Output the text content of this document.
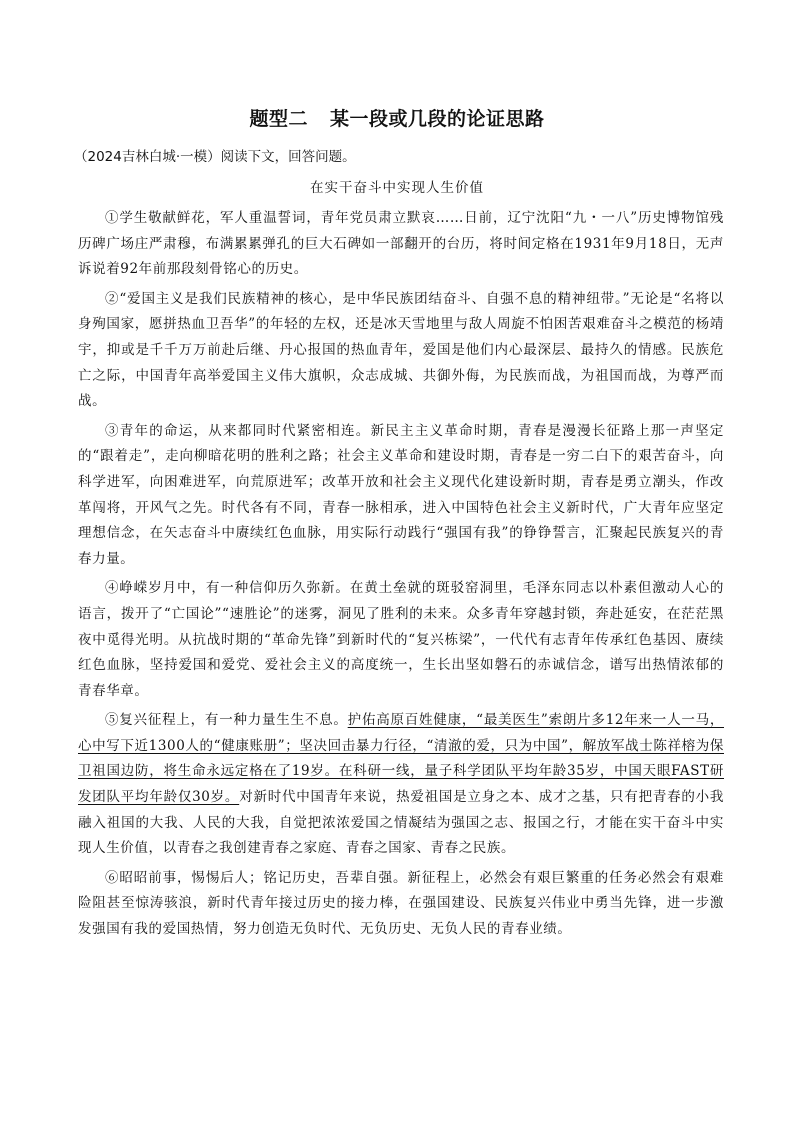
题型二 某一段或几段的论证思路
（2024吉林白城·一模）阅读下文，回答问题。
在实干奋斗中实现人生价值

①学生敬献鲜花，军人重温誓词，青年党员肃立默哀……日前，辽宁沈阳“九・一八”历史博物馆残历碑广场庄严肃穆，布满累累弹孔的巨大石碑如一部翻开的台历，将时间定格在1931年9月18日，无声诉说着92年前那段刻骨铭心的历史。

②“爱国主义是我们民族精神的核心，是中华民族团结奋斗、自强不息的精神纽带。”无论是“名将以身殉国家，愿拼热血卫吾华”的年轻的左权，还是冰天雪地里与敌人周旋不怕困苦艰难奋斗之模范的杨靖宇，抑或是千千万万前赴后继、丹心报国的热血青年，爱国是他们内心最深层、最持久的情感。民族危亡之际，中国青年高举爱国主义伟大旗帜，众志成城、共御外侮，为民族而战，为祖国而战，为尊严而战。

③青年的命运，从来都同时代紧密相连。新民主主义革命时期，青春是漫漫长征路上那一声坚定的“跟着走”，走向柳暗花明的胜利之路；社会主义革命和建设时期，青春是一穷二白下的艰苦奋斗，向科学进军，向困难进军，向荒原进军；改革开放和社会主义现代化建设新时期，青春是勇立潮头，作改革闯将，开风气之先。时代各有不同，青春一脉相承，进入中国特色社会主义新时代，广大青年应坚定理想信念，在矢志奋斗中赓续红色血脉，用实际行动践行“强国有我”的铮铮誓言，汇聚起民族复兴的青春力量。

④峥嵘岁月中，有一种信仰历久弥新。在黄土垒就的斑驳窑洞里，毛泽东同志以朴素但激动人心的语言，拨开了“亡国论”“速胜论”的迷雾，洞见了胜利的未来。众多青年穿越封锁，奔赴延安，在茫茫黑夜中觅得光明。从抗战时期的“革命先锋”到新时代的“复兴栋梁”，一代代有志青年传承红色基因、赓续红色血脉，坚持爱国和爱党、爱社会主义的高度统一，生长出坚如磐石的赤诚信念，谱写出热情浓郁的青春华章。

⑤复兴征程上，有一种力量生生不息。护佑高原百姓健康，“最美医生”索朗片多12年来一人一马，心中写下近1300人的“健康账册”；坚决回击暴力行径，“清澈的爱，只为中国”，解放军战士陈祥榕为保卫祖国边防，将生命永远定格在了19岁。在科研一线，量子科学团队平均年龄35岁，中国天眼FAST研发团队平均年龄仅30岁。对新时代中国青年来说，热爱祖国是立身之本、成才之基，只有把青春的小我融入祖国的大我、人民的大我，自觉把浓浓爱国之情凝结为强国之志、报国之行，才能在实干奋斗中实现人生价值，以青春之我创建青春之家庭、青春之国家、青春之民族。

⑥昭昭前事，惕惕后人；铭记历史，吾辈自强。新征程上，必然会有艰巨繁重的任务必然会有艰难险阻甚至惊涛骇浪，新时代青年接过历史的接力棒，在强国建设、民族复兴伟业中勇当先锋，进一步激发强国有我的爱国热情，努力创造无负时代、无负历史、无负人民的青春业绩。
